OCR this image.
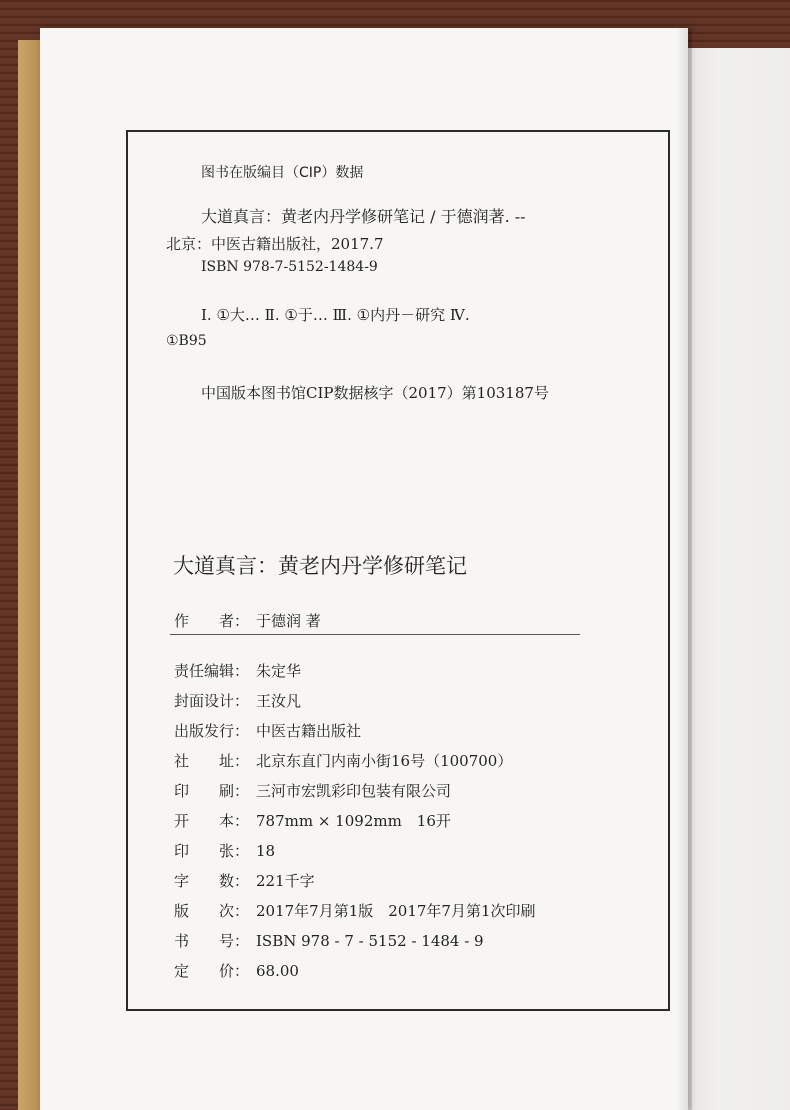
图书在版编目（CIP）数据
大道真言：黄老内丹学修研笔记 / 于德润著. --
北京：中医古籍出版社，2017.7
ISBN 978-7-5152-1484-9
Ⅰ. ①大… Ⅱ. ①于… Ⅲ. ①内丹－研究 Ⅳ.
①B95
中国版本图书馆CIP数据核字（2017）第103187号
大道真言：黄老内丹学修研笔记
作　　者： 于德润 著
责任编辑： 朱定华
封面设计： 王汝凡
出版发行： 中医古籍出版社
社　　址： 北京东直门内南小街16号（100700）
印　　刷： 三河市宏凯彩印包装有限公司
开　　本： 787mm × 1092mm　16开
印　　张： 18
字　　数： 221千字
版　　次： 2017年7月第1版　2017年7月第1次印刷
书　　号： ISBN 978 - 7 - 5152 - 1484 - 9
定　　价： 68.00
